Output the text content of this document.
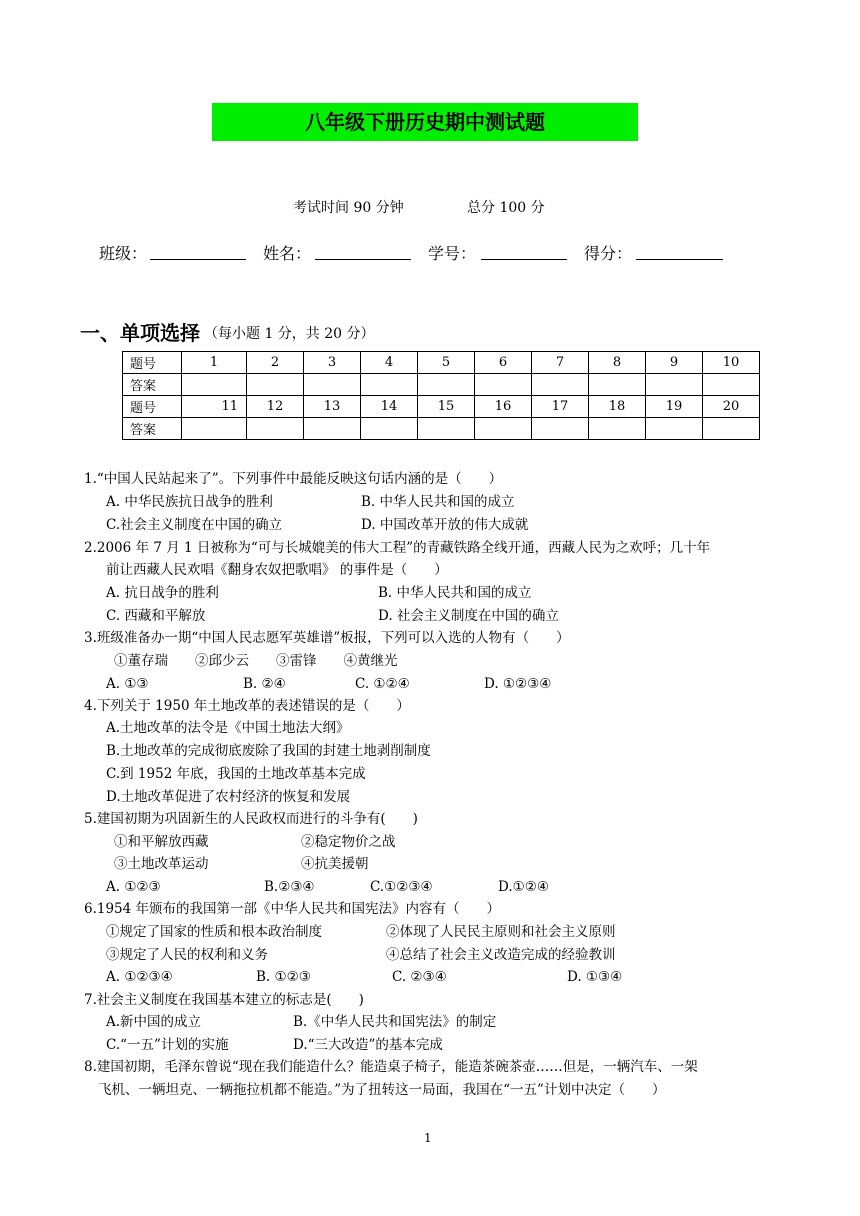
八年级下册历史期中测试题
考试时间 90 分钟	总分 100 分
班级：	姓名：	学号：	得分：
一、单项选择 （每小题 1 分，共 20 分）
题号	1	2	3	4	5	6	7	8	9	10
答案										
题号	11	12	13	14	15	16	17	18	19	20
答案										
1.“中国人民站起来了”。下列事件中最能反映这句话内涵的是（　　）
A. 中华民族抗日战争的胜利	B. 中华人民共和国的成立
C.社会主义制度在中国的确立	D. 中国改革开放的伟大成就
2.2006 年 7 月 1 日被称为“可与长城媲美的伟大工程”的青藏铁路全线开通，西藏人民为之欢呼；几十年
前让西藏人民欢唱《翻身农奴把歌唱》 的事件是（　　）
A. 抗日战争的胜利	B. 中华人民共和国的成立
C. 西藏和平解放	D. 社会主义制度在中国的确立
3.班级准备办一期“中国人民志愿军英雄谱”板报，下列可以入选的人物有（　　）
①董存瑞　　②邱少云　　③雷锋　　④黄继光
A. ①③	B. ②④	C. ①②④	D. ①②③④
4.下列关于 1950 年土地改革的表述错误的是（　　）
A.土地改革的法令是《中国土地法大纲》
B.土地改革的完成彻底废除了我国的封建土地剥削制度
C.到 1952 年底，我国的土地改革基本完成
D.土地改革促进了农村经济的恢复和发展
5.建国初期为巩固新生的人民政权而进行的斗争有(　　)
①和平解放西藏	②稳定物价之战
③土地改革运动	④抗美援朝
A. ①②③	B.②③④	C.①②③④	D.①②④
6.1954 年颁布的我国第一部《中华人民共和国宪法》内容有（　　）
①规定了国家的性质和根本政治制度	②体现了人民民主原则和社会主义原则
③规定了人民的权利和义务	④总结了社会主义改造完成的经验教训
A. ①②③④	B. ①②③	C. ②③④	D. ①③④
7.社会主义制度在我国基本建立的标志是(　　)
A.新中国的成立	B.《中华人民共和国宪法》的制定
C.“一五”计划的实施	D.“三大改造”的基本完成
8.建国初期，毛泽东曾说“现在我们能造什么？能造桌子椅子，能造茶碗茶壶……但是，一辆汽车、一架
飞机、一辆坦克、一辆拖拉机都不能造。”为了扭转这一局面，我国在“一五”计划中决定（　　）
1
